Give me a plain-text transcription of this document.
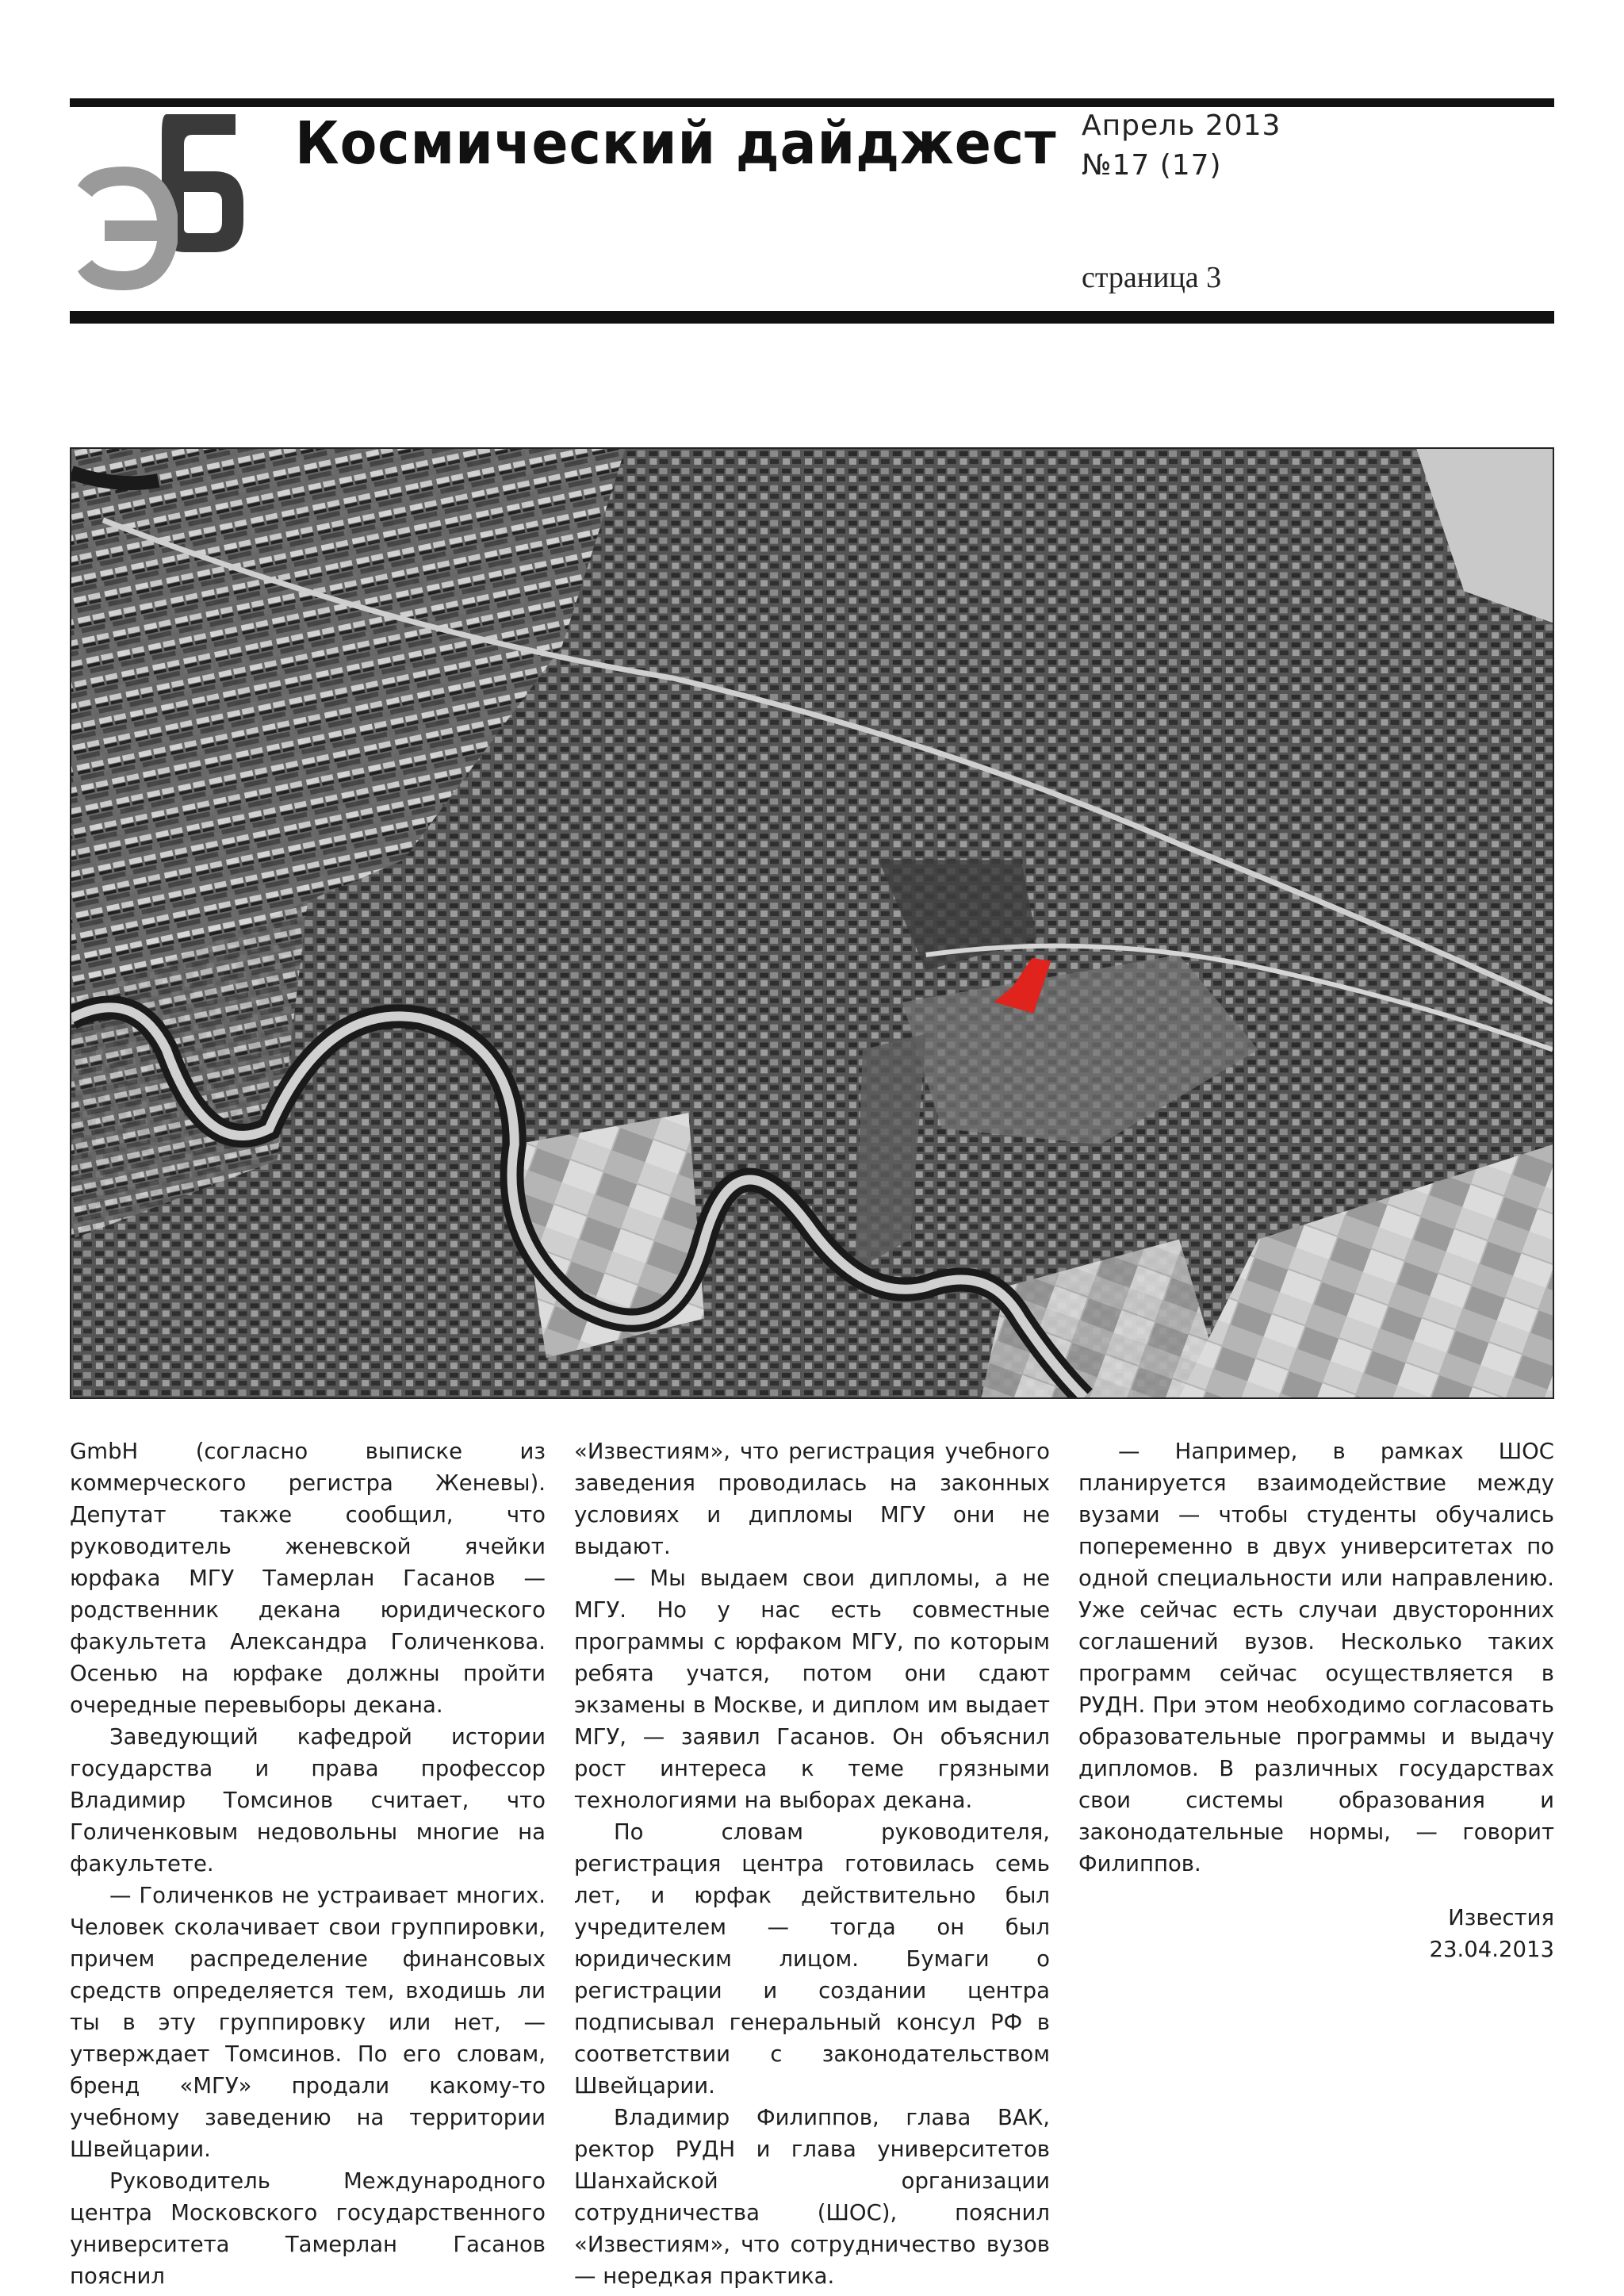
Космический дайджест Апрель 2013
№17 (17)
страница 3

GmbH (согласно выписке из коммерческого регистра Женевы). Депутат также сообщил, что руководитель женевской ячейки юрфака МГУ Тамерлан Гасанов — родственник декана юридического факультета Александра Голиченкова. Осенью на юрфаке должны пройти очередные перевыборы декана.

Заведующий кафедрой истории государства и права профессор Владимир Томсинов считает, что Голиченковым недовольны многие на факультете.

— Голиченков не устраивает многих. Человек сколачивает свои группировки, причем распределение финансовых средств определяется тем, входишь ли ты в эту группировку или нет, — утверждает Томсинов. По его словам, бренд «МГУ» продали какому-то учебному заведению на территории Швейцарии.

Руководитель Международного центра Московского государственного университета Тамерлан Гасанов пояснил

«Известиям», что регистрация учебного заведения проводилась на законных условиях и дипломы МГУ они не выдают.

— Мы выдаем свои дипломы, а не МГУ. Но у нас есть совместные программы с юрфаком МГУ, по которым ребята учатся, потом они сдают экзамены в Москве, и диплом им выдает МГУ, — заявил Гасанов. Он объяснил рост интереса к теме грязными технологиями на выборах декана.

По словам руководителя, регистрация центра готовилась семь лет, и юрфак действительно был учредителем — тогда он был юридическим лицом. Бумаги о регистрации и создании центра подписывал генеральный консул РФ в соответствии с законодательством Швейцарии.

Владимир Филиппов, глава ВАК, ректор РУДН и глава университетов Шанхайской организации сотрудничества (ШОС), пояснил «Известиям», что сотрудничество вузов — нередкая практика.

— Например, в рамках ШОС планируется взаимодействие между вузами — чтобы студенты обучались попеременно в двух университетах по одной специальности или направлению. Уже сейчас есть случаи двусторонних соглашений вузов. Несколько таких программ сейчас осуществляется в РУДН. При этом необходимо согласовать образовательные программы и выдачу дипломов. В различных государствах свои системы образования и законодательные нормы, — говорит Филиппов.

Известия
23.04.2013
